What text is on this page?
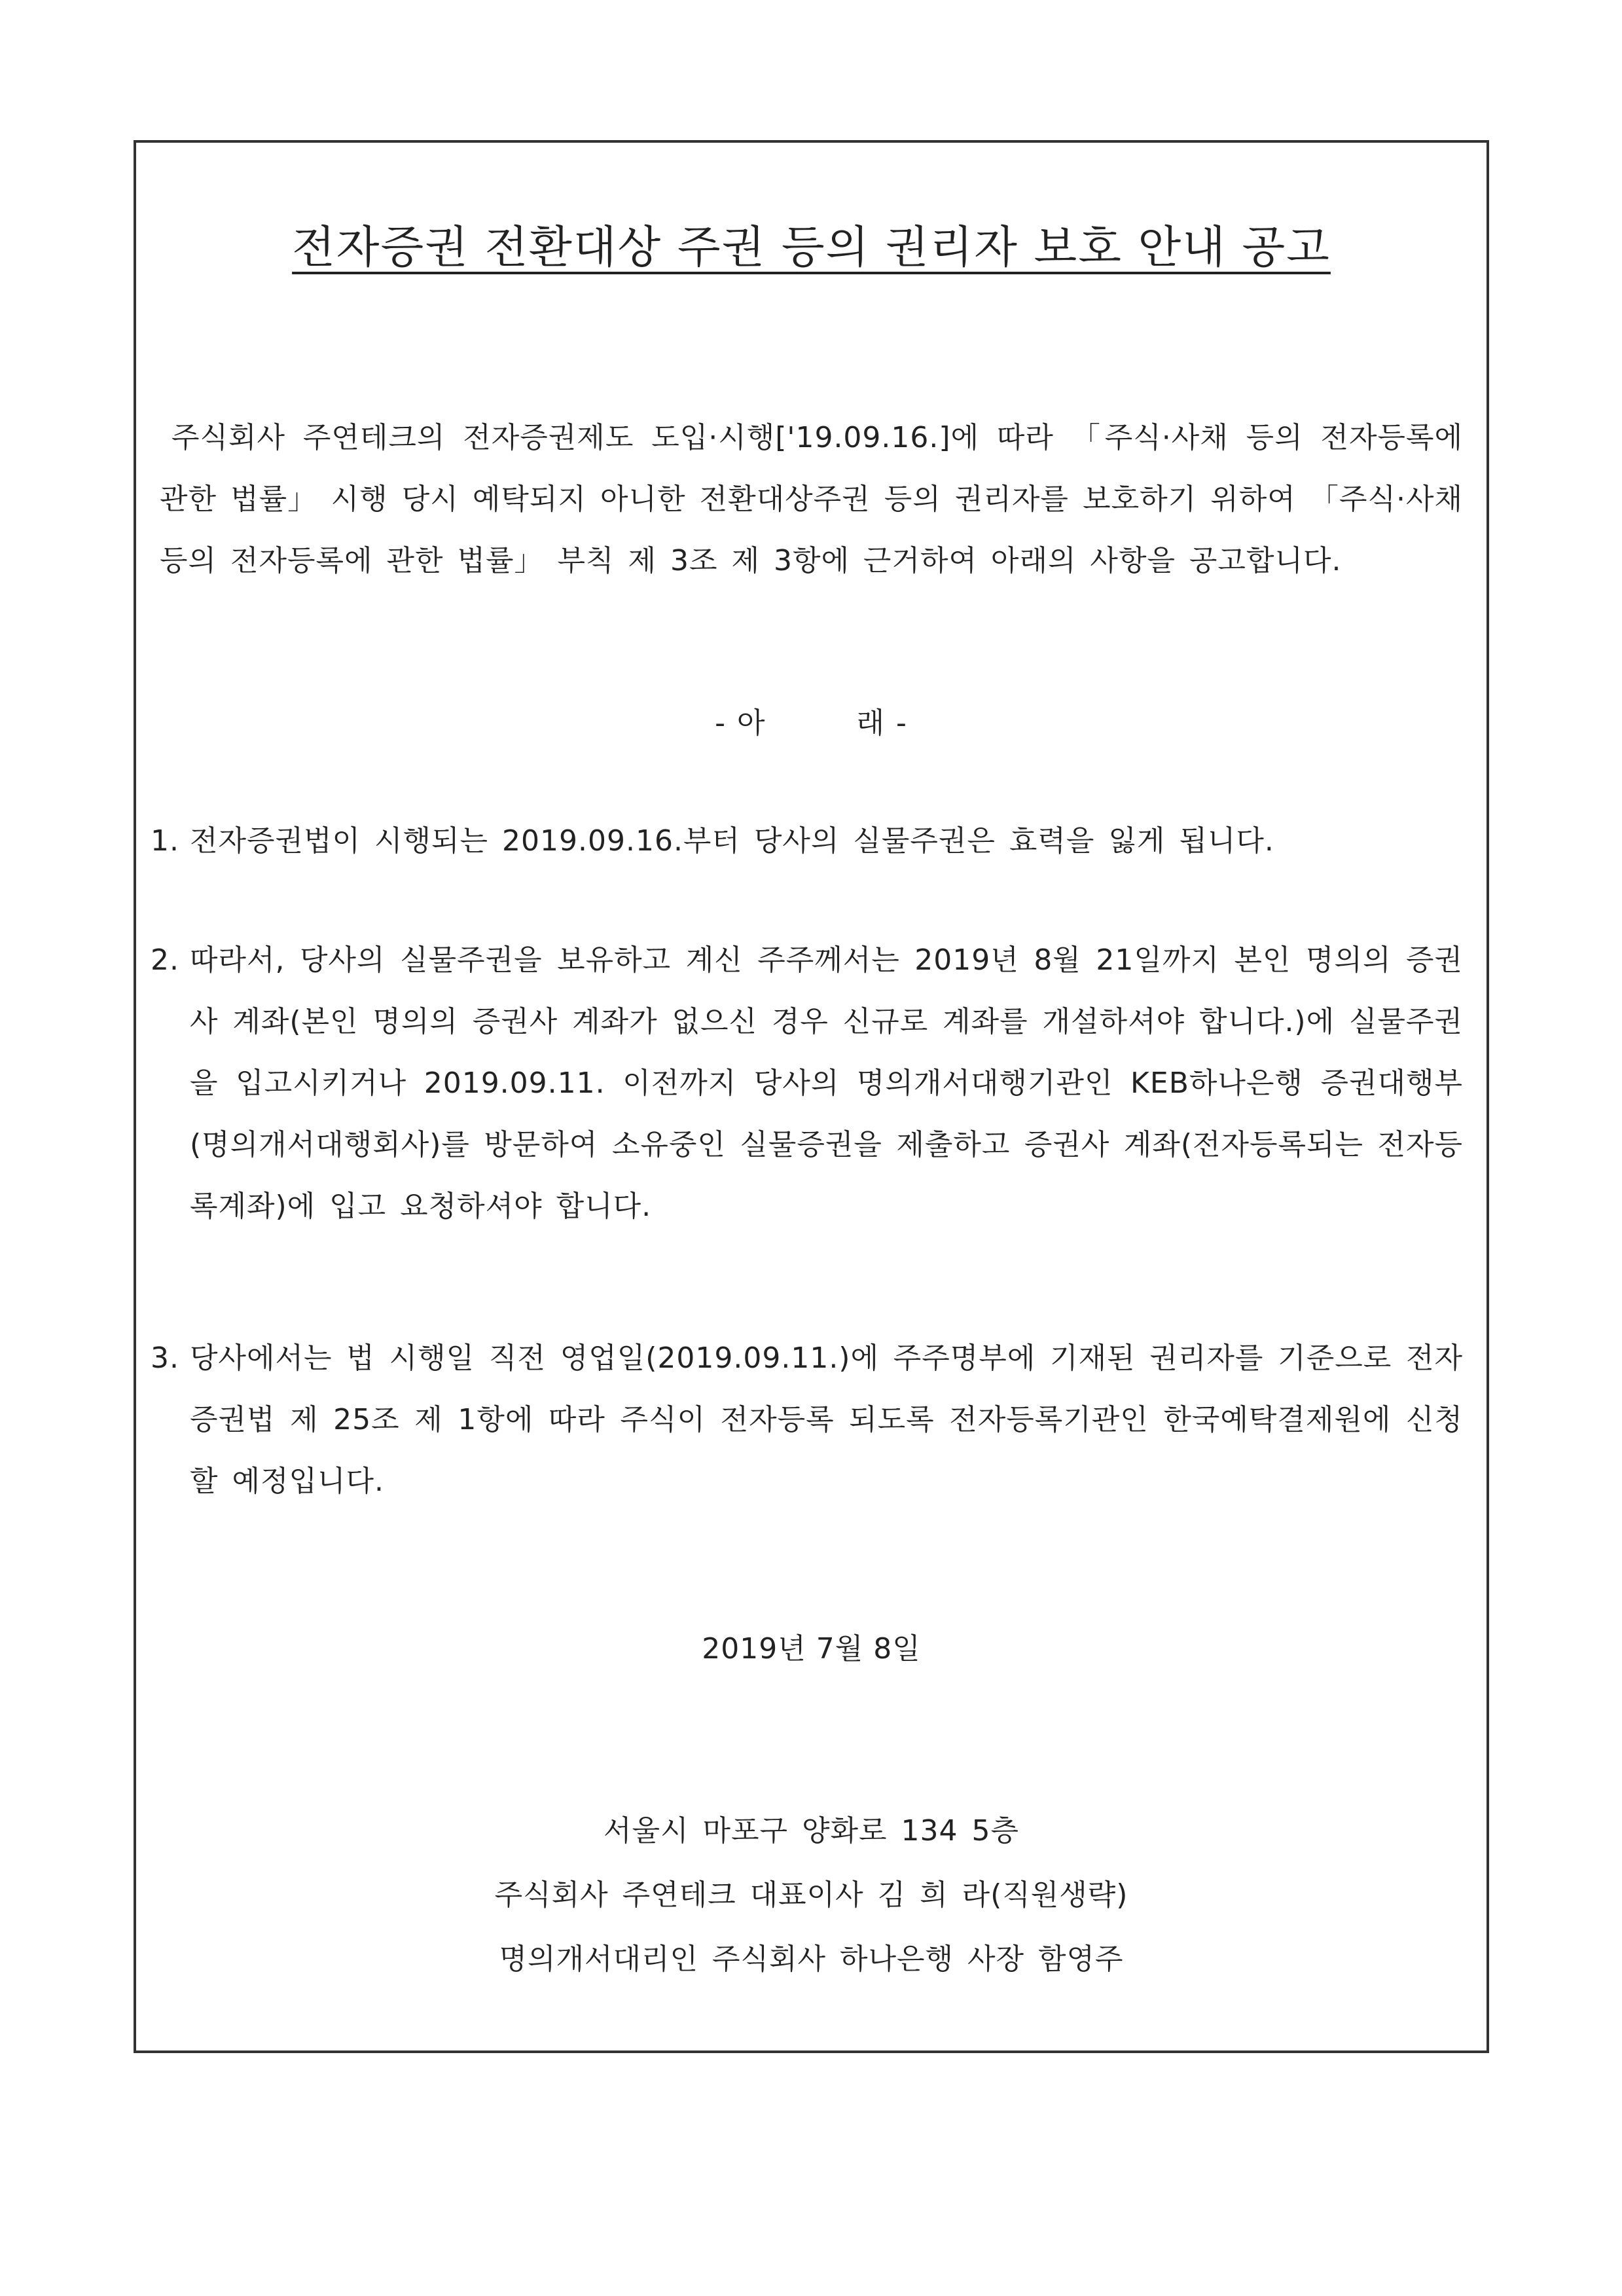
전자증권 전환대상 주권 등의 권리자 보호 안내 공고
주식회사 주연테크의 전자증권제도 도입·시행['19.09.16.]에 따라 「주식·사채 등의 전자등록에 관한 법률」 시행 당시 예탁되지 아니한 전환대상주권 등의 권리자를 보호하기 위하여 「주식·사채 등의 전자등록에 관한 법률」 부칙 제 3조 제 3항에 근거하여 아래의 사항을 공고합니다.
- 아　　　래 -
1. 전자증권법이 시행되는 2019.09.16.부터 당사의 실물주권은 효력을 잃게 됩니다.
2. 따라서, 당사의 실물주권을 보유하고 계신 주주께서는 2019년 8월 21일까지 본인 명의의 증권사 계좌(본인 명의의 증권사 계좌가 없으신 경우 신규로 계좌를 개설하셔야 합니다.)에 실물주권을 입고시키거나 2019.09.11. 이전까지 당사의 명의개서대행기관인 KEB하나은행 증권대행부(명의개서대행회사)를 방문하여 소유중인 실물증권을 제출하고 증권사 계좌(전자등록되는 전자등록계좌)에 입고 요청하셔야 합니다.
3. 당사에서는 법 시행일 직전 영업일(2019.09.11.)에 주주명부에 기재된 권리자를 기준으로 전자증권법 제 25조 제 1항에 따라 주식이 전자등록 되도록 전자등록기관인 한국예탁결제원에 신청할 예정입니다.
2019년 7월 8일
서울시 마포구 양화로 134 5층
주식회사 주연테크 대표이사 김 희 라(직원생략)
명의개서대리인 주식회사 하나은행 사장 함영주
